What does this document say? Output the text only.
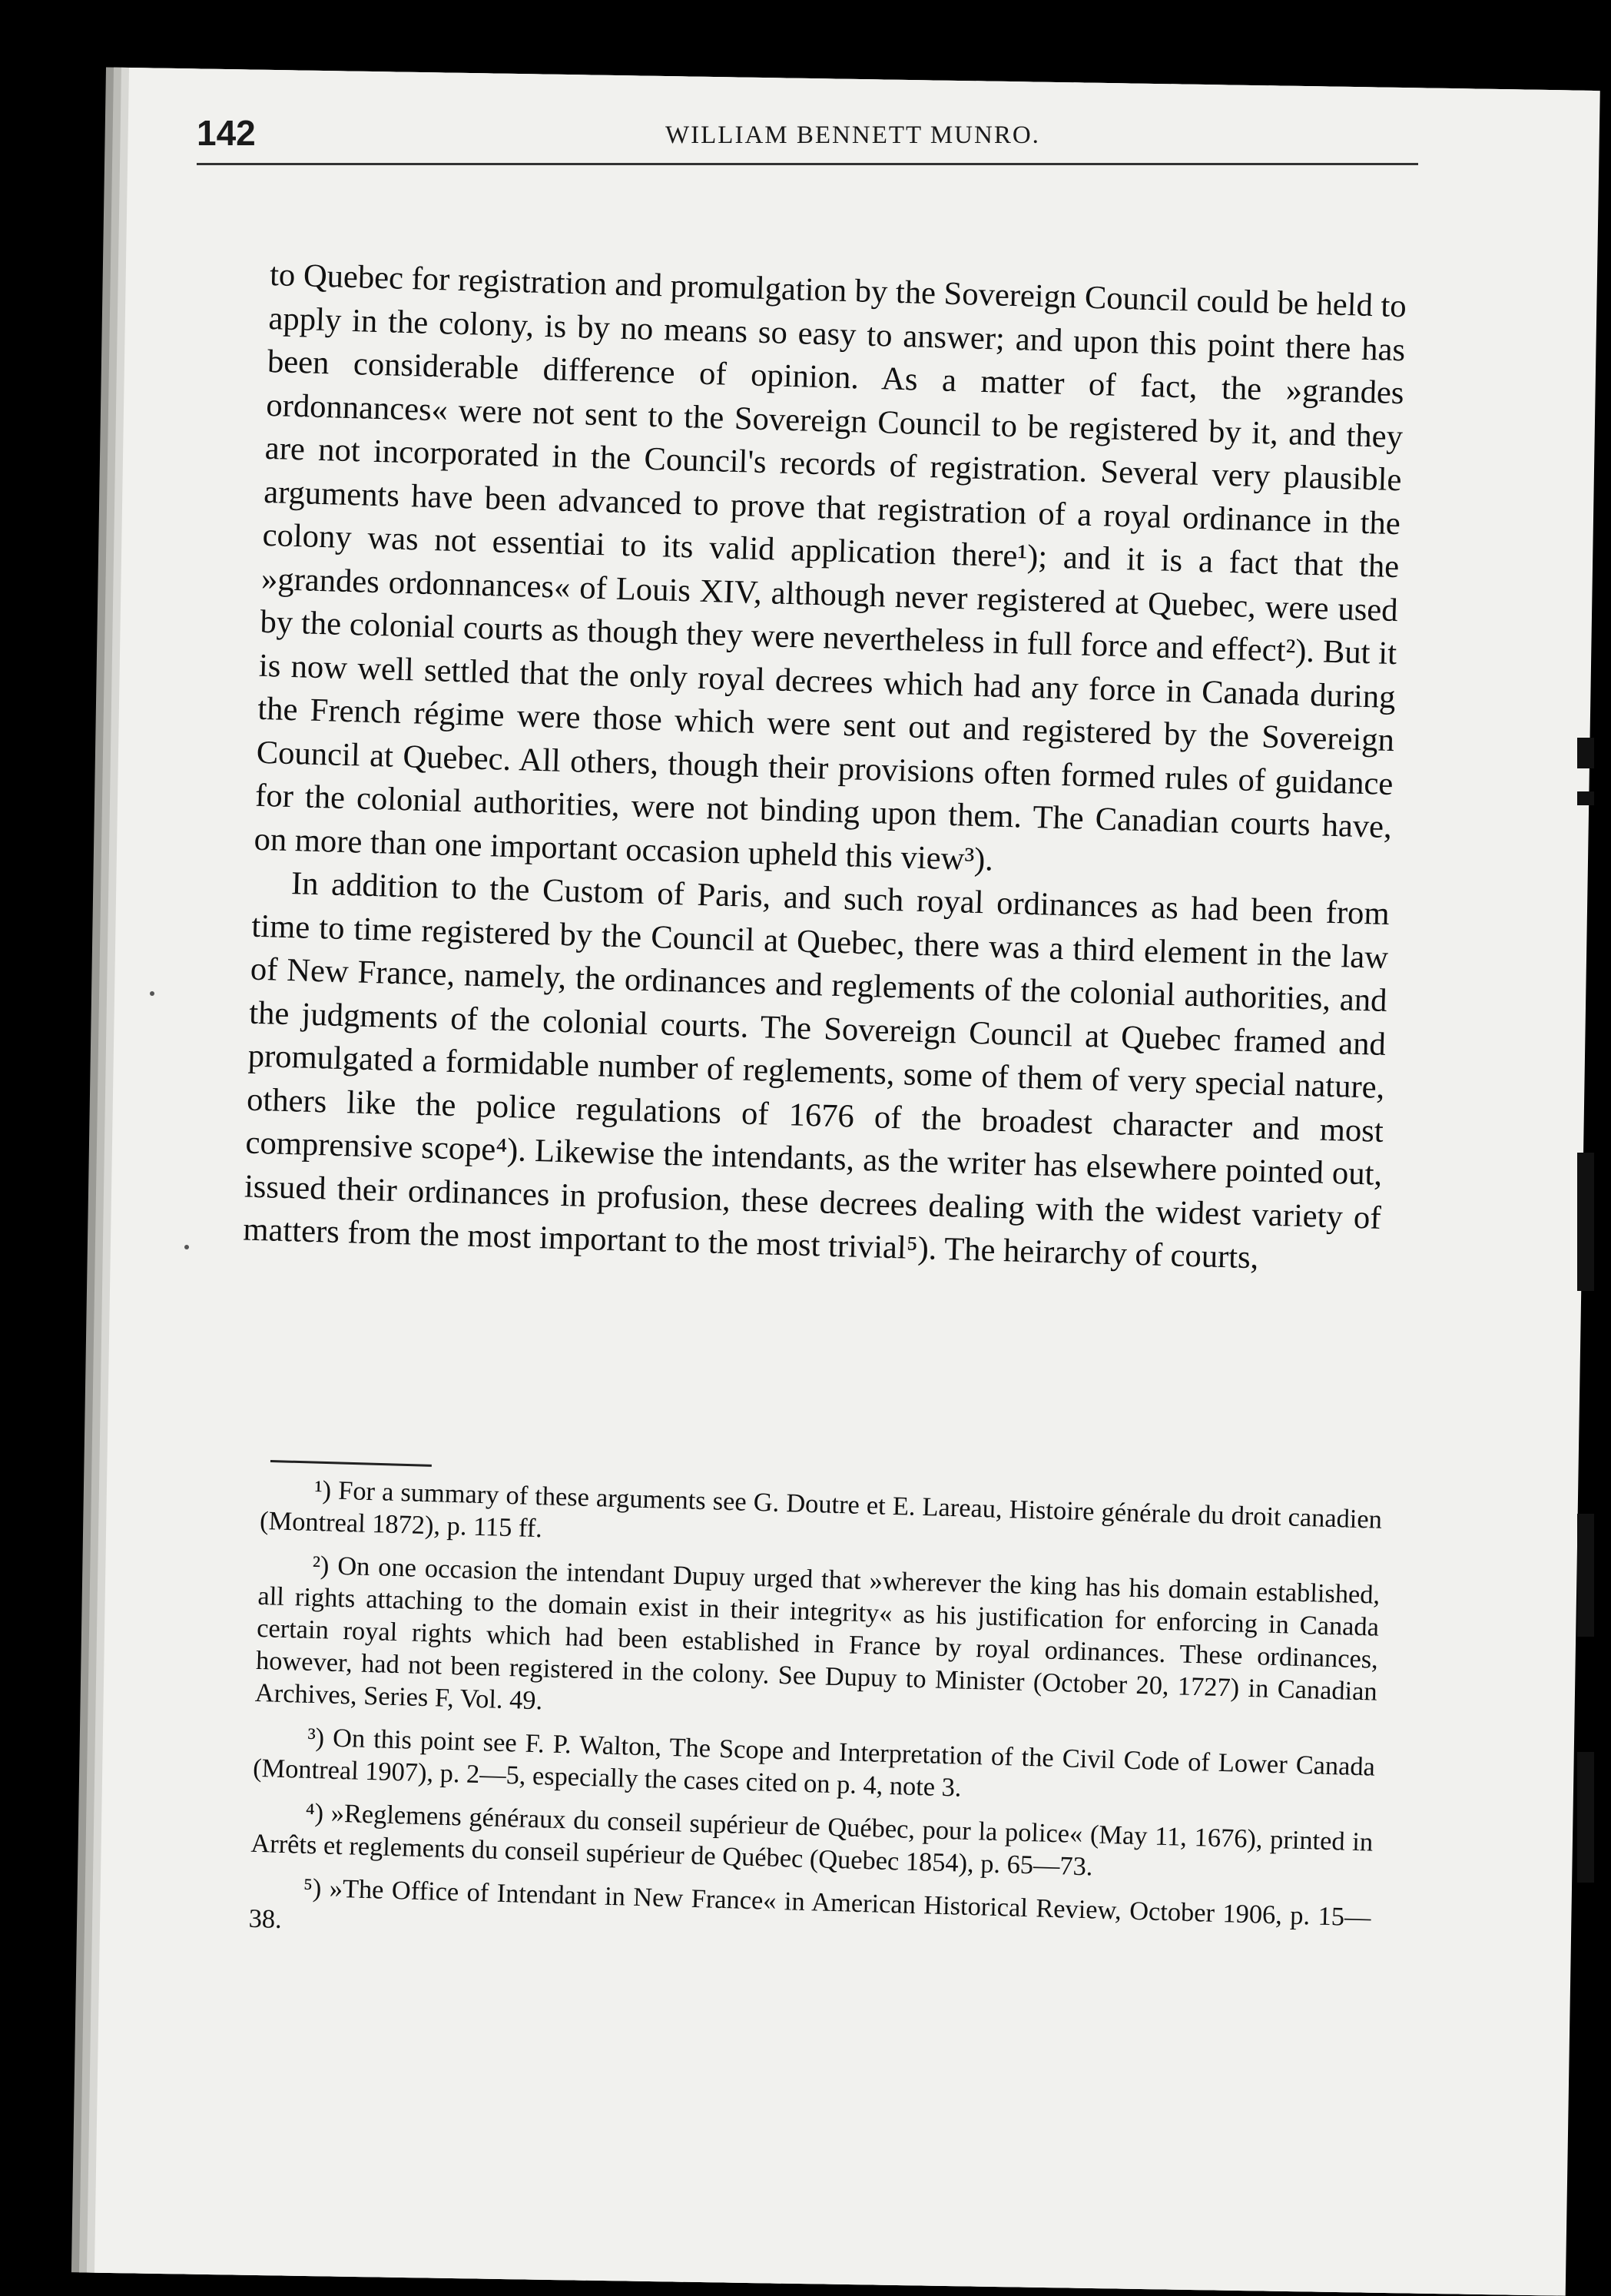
142	WILLIAM BENNETT MUNRO.

to Quebec for registration and promulgation by the Sovereign Council could be held to apply in the colony, is by no means so easy to answer; and upon this point there has been considerable difference of opinion. As a matter of fact, the »grandes ordonnances« were not sent to the Sovereign Council to be registered by it, and they are not incorporated in the Council's records of registration. Several very plausible arguments have been advanced to prove that registration of a royal ordinance in the colony was not essentiai to its valid application there¹); and it is a fact that the »grandes ordonnances« of Louis XIV, although never registered at Quebec, were used by the colonial courts as though they were nevertheless in full force and effect²). But it is now well settled that the only royal decrees which had any force in Canada during the French régime were those which were sent out and registered by the Sovereign Council at Quebec. All others, though their provisions often formed rules of guidance for the colonial authorities, were not binding upon them. The Canadian courts have, on more than one important occasion upheld this view³).

In addition to the Custom of Paris, and such royal ordinances as had been from time to time registered by the Council at Quebec, there was a third element in the law of New France, namely, the ordinances and reglements of the colonial authorities, and the judgments of the colonial courts. The Sovereign Council at Quebec framed and promulgated a formidable number of reglements, some of them of very special nature, others like the police regulations of 1676 of the broadest character and most comprensive scope⁴). Likewise the intendants, as the writer has elsewhere pointed out, issued their ordinances in profusion, these decrees dealing with the widest variety of matters from the most important to the most trivial⁵). The heirarchy of courts,

¹) For a summary of these arguments see G. Doutre et E. Lareau, Histoire générale du droit canadien (Montreal 1872), p. 115 ff.

²) On one occasion the intendant Dupuy urged that »wherever the king has his domain established, all rights attaching to the domain exist in their integrity« as his justification for enforcing in Canada certain royal rights which had been established in France by royal ordinances. These ordinances, however, had not been registered in the colony. See Dupuy to Minister (October 20, 1727) in Canadian Archives, Series F, Vol. 49.

³) On this point see F. P. Walton, The Scope and Interpretation of the Civil Code of Lower Canada (Montreal 1907), p. 2—5, especially the cases cited on p. 4, note 3.

⁴) »Reglemens généraux du conseil supérieur de Québec, pour la police« (May 11, 1676), printed in Arrêts et reglements du conseil supérieur de Québec (Quebec 1854), p. 65—73.

⁵) »The Office of Intendant in New France« in American Historical Review, October 1906, p. 15—38.
